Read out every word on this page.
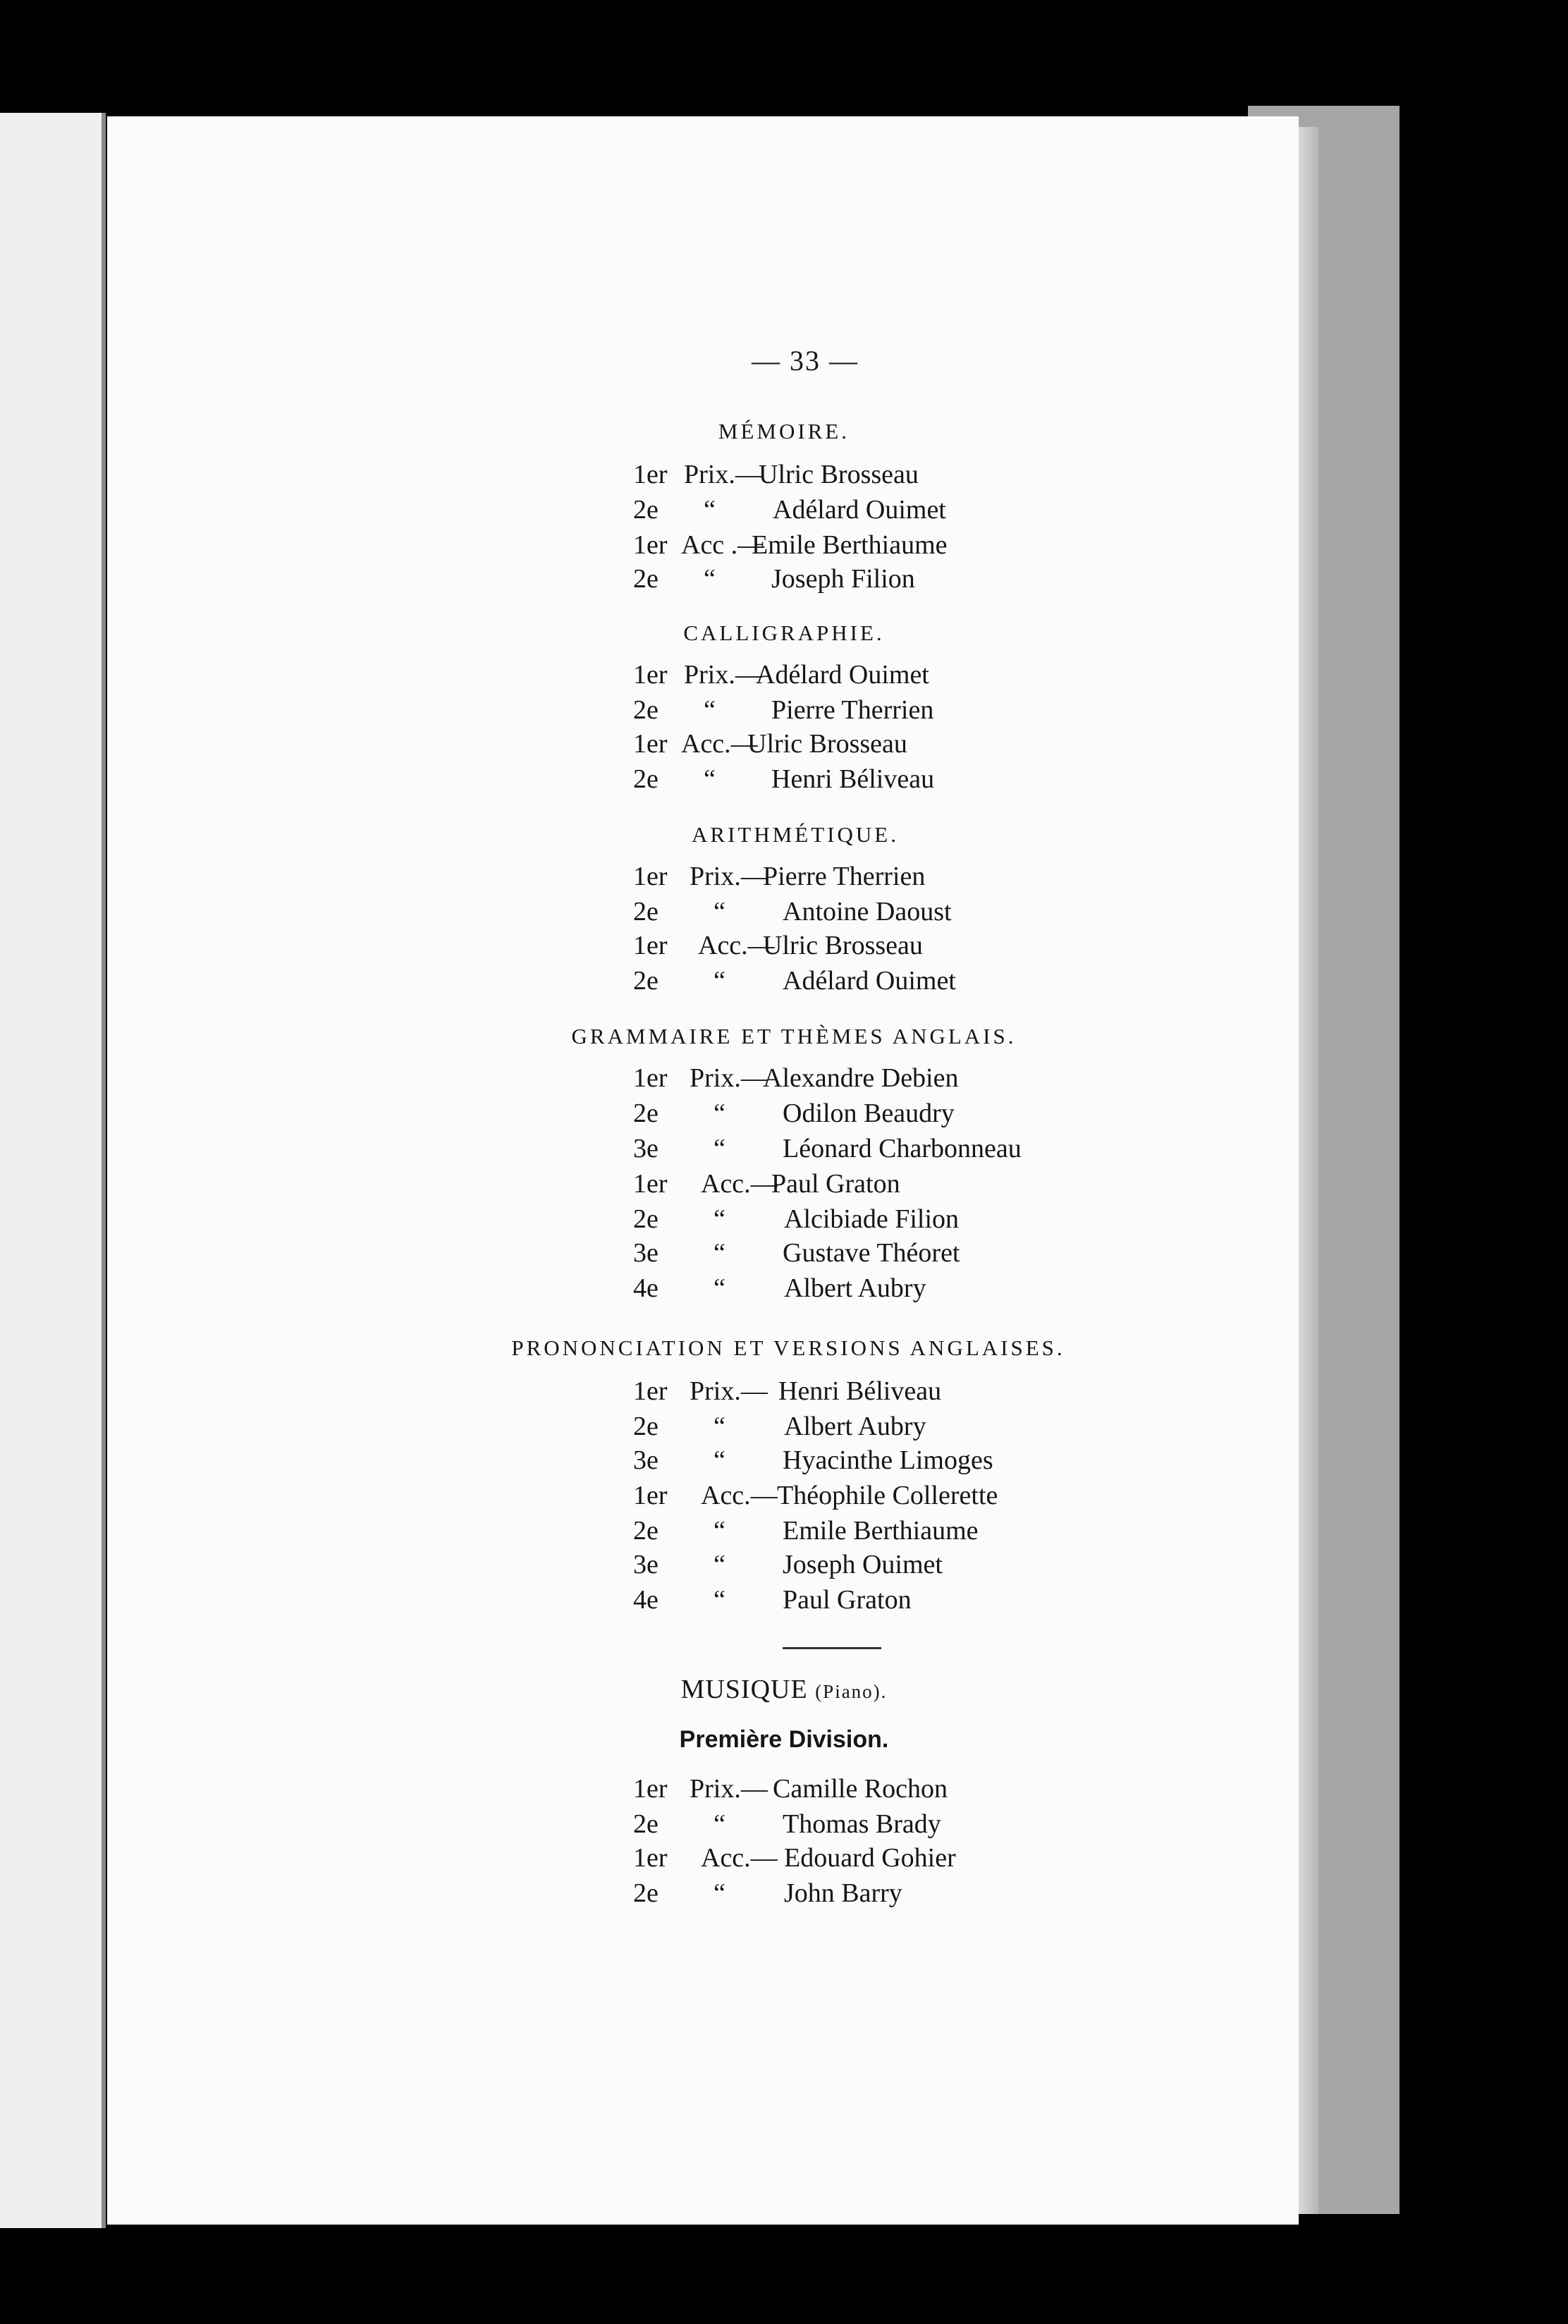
— 33 —

MÉMOIRE.

1er Prix.—
Ulric Brosseau
2e “ Adélard Ouimet
1er Acc .—
Emile Berthiaume
2e “ Joseph Filion

CALLIGRAPHIE.

1er Prix.—
Adélard Ouimet
2e “ Pierre Therrien
1er Acc.—
Ulric Brosseau
2e “ Henri Béliveau

ARITHMÉTIQUE.

1er Prix.—
Pierre Therrien
2e “ Antoine Daoust
1er Acc.—
Ulric Brosseau
2e “ Adélard Ouimet

GRAMMAIRE ET THÈMES ANGLAIS.

1er Prix.—
Alexandre Debien
2e “ Odilon Beaudry
3e “ Léonard Charbonneau
1er Acc.—
Paul Graton
2e “ Alcibiade Filion
3e “ Gustave Théoret
4e “ Albert Aubry

PRONONCIATION ET VERSIONS ANGLAISES.

1er Prix.— Henri Béliveau
2e “ Albert Aubry
3e “ Hyacinthe Limoges
1er Acc.— Théophile Collerette
2e “ Emile Berthiaume
3e “ Joseph Ouimet
4e “ Paul Graton

MUSIQUE (Piano).

Première Division.

1er Prix.— Camille Rochon
2e “ Thomas Brady
1er Acc.— Edouard Gohier
2e “ John Barry
